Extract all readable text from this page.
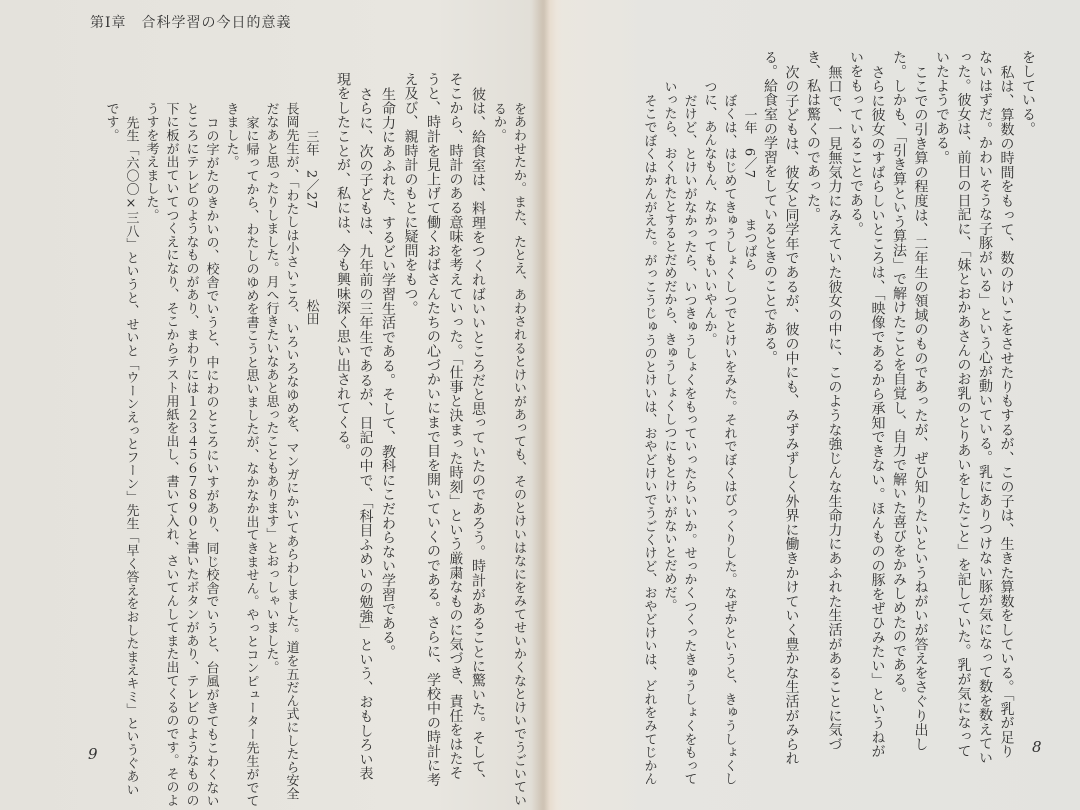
第Ⅰ章　合科学習の今日的意義
をしている。
私は、算数の時間をもって、数のけいこをさせたりもするが、この子は、生きた算数をしている。「乳が足り
ないはずだ。かわいそうな子豚がいる」という心が動いている。乳にありつけない豚が気になって数を数えてい
った。彼女は、前日の日記に、「妹とおかあさんのお乳のとりあいをしたこと」を記していた。乳が気になって
いたようである。
ここでの引き算の程度は、二年生の領域のものであったが、ぜひ知りたいというねがいが答えをさぐり出し
た。しかも、「引き算という算法」で解けたことを自覚し、自力で解いた喜びをかみしめたのである。
さらに彼女のすばらしいところは、「映像であるから承知できない。ほんものの豚をぜひみたい」というねが
いをもっていることである。
無口で、一見無気力にみえていた彼女の中に、このような強じんな生命力にあふれた生活があることに気づ
き、私は驚くのであった。
次の子どもは、彼女と同学年であるが、彼の中にも、みずみずしく外界に働きかけていく豊かな生活がみられ
る。給食室の学習をしているときのことである。
一年　6／7まつばら
ぼくは、はじめてきゅうしょくしつでとけいをみた。それでぼくはびっくりした。なぜかというと、きゅうしょくし
つに、あんなもん、なかってもいいやんか。
だけど、とけいがなかったら、いつきゅうしょくをもっていったらいいか。せっかくつくったきゅうしょくをもって
いったら、おくれたとするとだめだから、きゅうしょくしつにもとけいがないとだめだ。
そこでぼくはかんがえた。がっこうじゅうのとけいは、おやどけいでうごくけど、おやどけいは、どれをみてじかん
をあわせたか。また、たとえ、あわされるとけいがあっても、そのとけいはなにをみてせいかくなとけいでうごいてい
るか。
彼は、給食室は、料理をつくればいいところだと思っていたのであろう。時計があることに驚いた。そして、
そこから、時計のある意味を考えていった。「仕事と決まった時刻」という厳粛なものに気づき、責任をはたそ
うと、時計を見上げて働くおばさんたちの心づかいにまで目を開いていくのである。さらに、学校中の時計に考
え及び、親時計のもとに疑問をもつ。
生命力にあふれた、するどい学習生活である。そして、教科にこだわらない学習である。
さらに、次の子どもは、九年前の三年生であるが、日記の中で、「科目ふめいの勉強」という、おもしろい表
現をしたことが、私には、今も興味深く思い出されてくる。
三年　2／27松田
長岡先生が、「わたしは小さいころ、いろいろなゆめを、マンガにかいてあらわしました。道を五だん式にしたら安全
だなあと思ったりしました。月へ行きたいなあと思ったこともあります」とおっしゃいました。
家に帰ってから、わたしのゆめを書こうと思いましたが、なかなか出てきません。やっとコンピューター先生がでて
きました。
コの字がたのきかいの、校舎でいうと、中にわのところにいすがあり、同じ校舎でいうと、台風がきてもこわくない
ところにテレビのようなものがあり、まわりには１２３４５６７８９０と書いたボタンがあり、テレビのようなものの
下に板が出ていてつくえになり、そこからテスト用紙を出し、書いて入れ、さいてんしてまた出てくるのです。そのよ
うすを考えました。
先生「六〇〇×三八」というと、せいと「ウーンえっとフーン」先生「早く答えをおしたまえキミ」というぐあい
です。
9	8
